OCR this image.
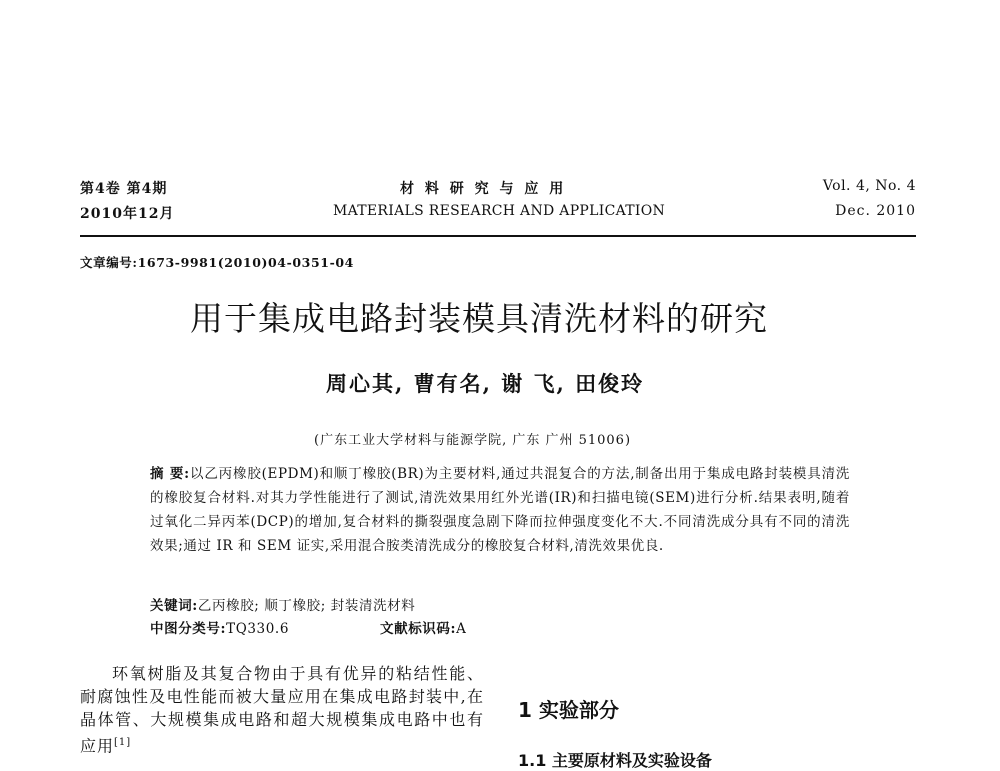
第4卷 第4期
2010年12月
材 料 研 究 与 应 用
MATERIALS RESEARCH AND APPLICATION
Vol. 4, No. 4
Dec. 2010
文章编号:1673-9981(2010)04-0351-04
用于集成电路封装模具清洗材料的研究
周心其, 曹有名, 谢 飞, 田俊玲
(广东工业大学材料与能源学院, 广东 广州 51006)
摘 要:以乙丙橡胶(EPDM)和顺丁橡胶(BR)为主要材料,通过共混复合的方法,制备出用于集成电路封装模具清洗的橡胶复合材料.对其力学性能进行了测试,清洗效果用红外光谱(IR)和扫描电镜(SEM)进行分析.结果表明,随着过氧化二异丙苯(DCP)的增加,复合材料的撕裂强度急剧下降而拉伸强度变化不大.不同清洗成分具有不同的清洗效果;通过 IR 和 SEM 证实,采用混合胺类清洗成分的橡胶复合材料,清洗效果优良.
关键词:乙丙橡胶; 顺丁橡胶; 封装清洗材料
中图分类号:TQ330.6	文献标识码:A
环氧树脂及其复合物由于具有优异的粘结性能、耐腐蚀性及电性能而被大量应用在集成电路封装中,在晶体管、大规模集成电路和超大规模集成电路中也有应用[1]
1 实验部分
1.1 主要原材料及实验设备
